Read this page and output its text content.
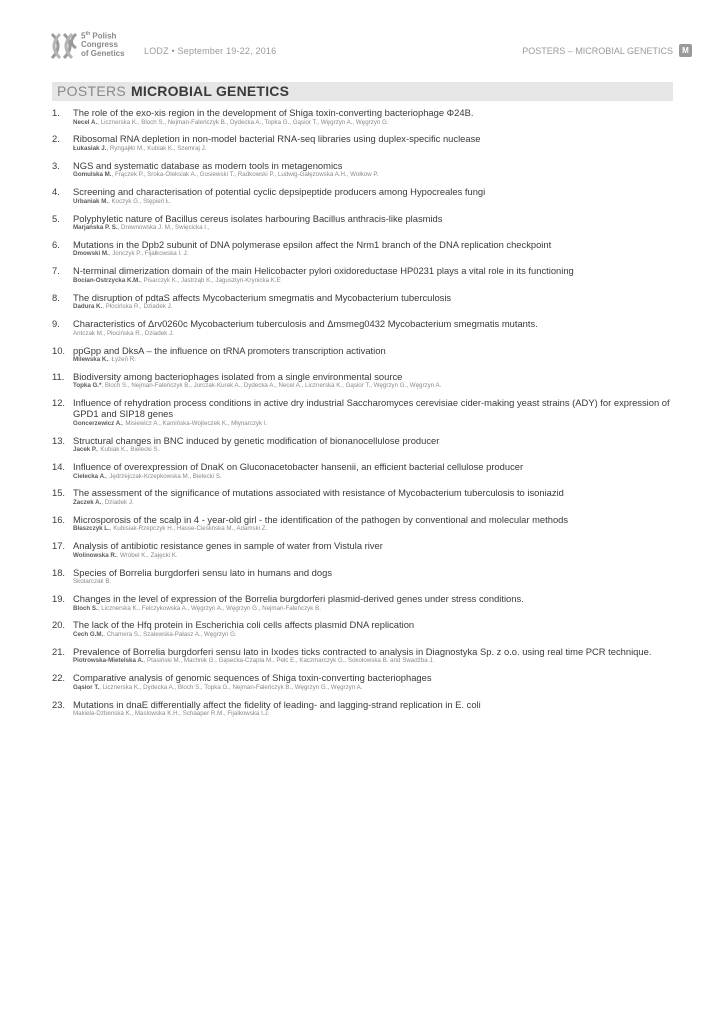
5th Polish
Congress
of Genetics LODZ • September 19-22, 2016	POSTERS – MICROBIAL GENETICS	M
POSTERS MICROBIAL GENETICS
1. The role of the exo-xis region in the development of Shiga toxin-converting bacteriophage Φ24B.
Necel A., Licznerska K., Bloch S., Nejman-Faleńczyk B., Dydecka A., Topka G., Gąsior T., Węgrzyn A., Węgrzyn G.
2. Ribosomal RNA depletion in non-model bacterial RNA-seq libraries using duplex-specific nuclease
Łukasiak J., Ryngajłło M., Kubiak K., Szemraj J.
3. NGS and systematic database as modern tools in metagenomics
Gomulska M., Frączek P., Sroka-Oleksiak A., Gosiewski T., Radkowski P., Ludwig-Gałęzowska A.H., Wołkow P.
4. Screening and characterisation of potential cyclic depsipeptide producers among Hypocreales fungi
Urbaniak M., Koczyk G., Stępień Ł.
5. Polyphyletic nature of Bacillus cereus isolates harbouring Bacillus anthracis-like plasmids
Marjańska P. S., Drewnowska J. M., Święcicka I.,
6. Mutations in the Dpb2 subunit of DNA polymerase epsilon affect the Nrm1 branch of the DNA replication checkpoint
Dmowski M., Jonczyk P., Fijałkowska I. J.
7. N-terminal dimerization domain of the main Helicobacter pylori oxidoreductase HP0231 plays a vital role in its functioning
Bocian-Ostrzycka K.M., Pisarczyk K., Jastrząb K., Jagusztyn-Krynicka K.E
8. The disruption of pdtaS affects Mycobacterium smegmatis and Mycobacterium tuberculosis
Dadura K., Płocińska R., Dziadek J.
9. Characteristics of Δrv0260c Mycobacterium tuberculosis and Δmsmeg0432 Mycobacterium smegmatis mutants.
Antczak M., Płocińska R., Dziadek J.
10. ppGpp and DksA – the influence on tRNA promoters transcription activation
Milewska K., Łyżeń R.
11. Biodiversity among bacteriophages isolated from a single environmental source
Topka G.*, Bloch S., Nejman-Faleńczyk B., Jurczak-Kurek A., Dydecka A., Necel A., Licznerska K., Gąsior T., Węgrzyn G., Węgrzyn A.
12. Influence of rehydration process conditions in active dry industrial Saccharomyces cerevisiae cider-making yeast strains (ADY) for expression of GPD1 and SIP18 genes
Goncerzewicz A., Misiewicz A., Kamińska-Wojteczek K., Młynarczyk I.
13. Structural changes in BNC induced by genetic modification of bionanocellulose producer
Jacek P., Kubiak K., Bielecki S.
14. Influence of overexpression of DnaK on Gluconacetobacter hansenii, an efficient bacterial cellulose producer
Cielecka A., Jędrzejczak-Krzepkowska M., Bielecki S.
15. The assessment of the significance of mutations associated with resistance of Mycobacterium tuberculosis to isoniazid
Żaczek A., Dziadek J.
16. Microsporosis of the scalp in 4 - year-old girl - the identification of the pathogen by conventional and molecular methods
Błaszczyk L., Kubisiak-Rzepczyk H., Hasse-Cieślińska M., Adamski Z.
17. Analysis of antibiotic resistance genes in sample of water from Vistula river
Wolinowska R., Wróbel K., Zajęcki K.
18. Species of Borrelia burgdorferi sensu lato in humans and dogs
Skotarczak B.
19. Changes in the level of expression of the Borrelia burgdorferi plasmid-derived genes under stress conditions.
Bloch S., Licznerska K., Felczykowska A., Węgrzyn A., Węgrzyn G., Nejman-Faleńczyk B.
20. The lack of the Hfq protein in Escherichia coli cells affects plasmid DNA replication
Cech G.M., Chamera S., Szalewska-Pałasz A., Węgrzyn G.
21. Prevalence of Borrelia burgdorferi sensu lato in Ixodes ticks contracted to analysis in Diagnostyka Sp. z o.o. using real time PCR technique.
Piotrowska-Mietelska A., Ptasiński M., Machnik G., Gąsecka-Czapla M., Pelc E., Kaczmarczyk G., Sokołowska B. and Swadźba J.
22. Comparative analysis of genomic sequences of Shiga toxin-converting bacteriophages
Gąsior T., Licznerska K., Dydecka A., Bloch S., Topka G., Nejman-Faleńczyk B., Węgrzyn G., Węgrzyn A.
23. Mutations in dnaE differentially affect the fidelity of leading- and lagging-strand replication in E. coli
Makiela-Dzbenska K., Maslowska K.H., Schaaper R.M., Fijalkowska I.J.
